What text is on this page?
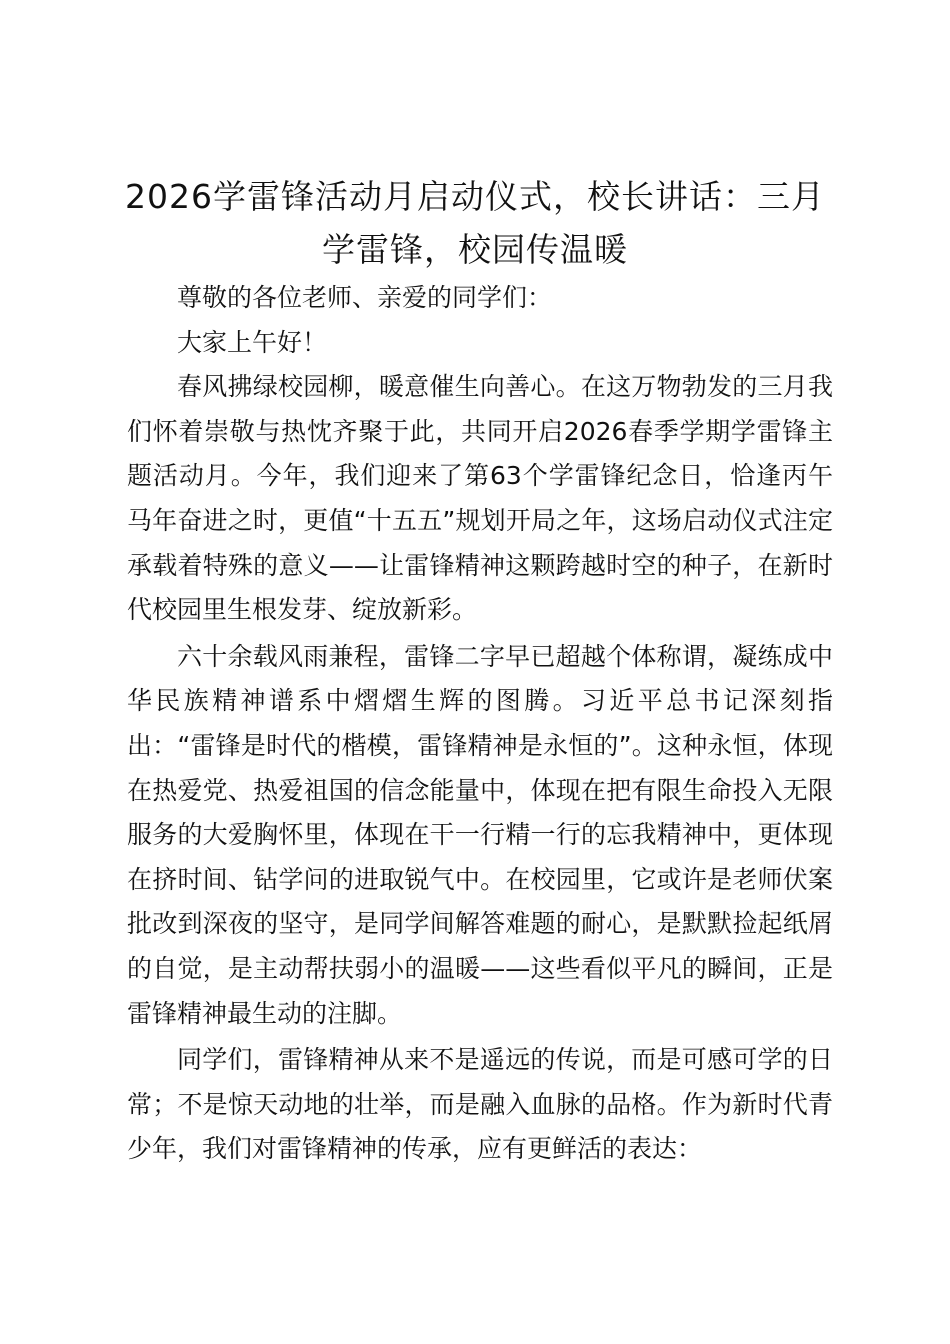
2026学雷锋活动月启动仪式，校长讲话：三月学雷锋，校园传温暖

尊敬的各位老师、亲爱的同学们：

大家上午好！

春风拂绿校园柳，暖意催生向善心。在这万物勃发的三月我们怀着崇敬与热忱齐聚于此，共同开启2026春季学期学雷锋主题活动月。今年，我们迎来了第63个学雷锋纪念日，恰逢丙午马年奋进之时，更值“十五五”规划开局之年，这场启动仪式注定承载着特殊的意义——让雷锋精神这颗跨越时空的种子，在新时代校园里生根发芽、绽放新彩。

六十余载风雨兼程，雷锋二字早已超越个体称谓，凝练成中华民族精神谱系中熠熠生辉的图腾。习近平总书记深刻指出：“雷锋是时代的楷模，雷锋精神是永恒的”。这种永恒，体现在热爱党、热爱祖国的信念能量中，体现在把有限生命投入无限服务的大爱胸怀里，体现在干一行精一行的忘我精神中，更体现在挤时间、钻学问的进取锐气中。在校园里，它或许是老师伏案批改到深夜的坚守，是同学间解答难题的耐心，是默默捡起纸屑的自觉，是主动帮扶弱小的温暖——这些看似平凡的瞬间，正是雷锋精神最生动的注脚。

同学们，雷锋精神从来不是遥远的传说，而是可感可学的日常；不是惊天动地的壮举，而是融入血脉的品格。作为新时代青少年，我们对雷锋精神的传承，应有更鲜活的表达：
